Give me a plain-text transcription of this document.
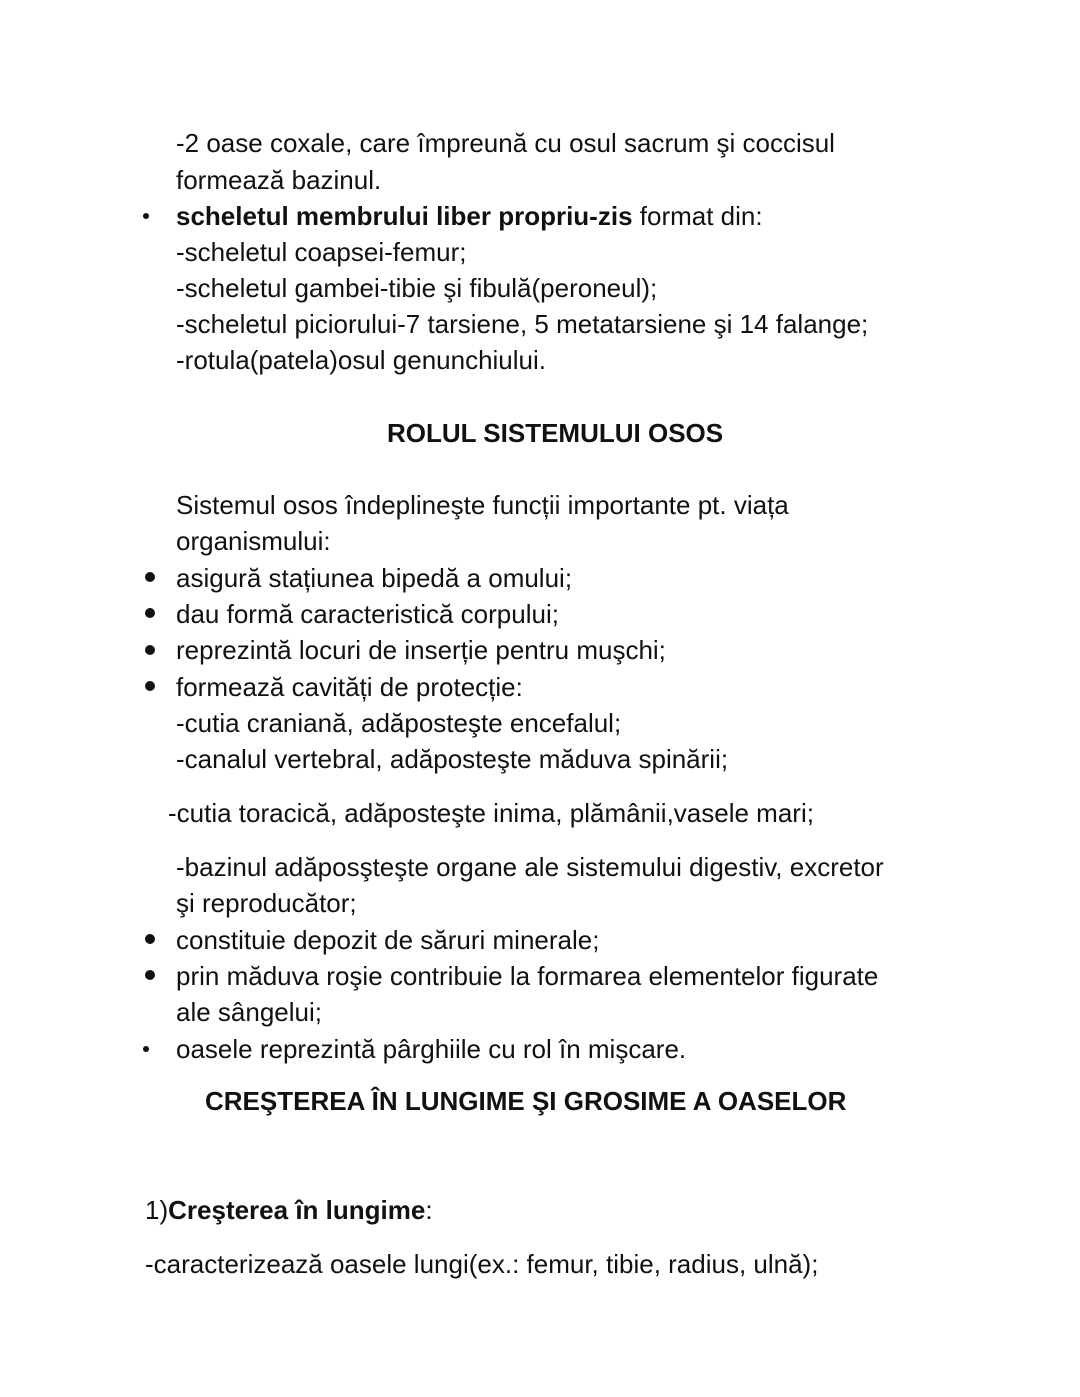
-2 oase coxale, care împreună cu osul sacrum şi coccisul
formează bazinul.
scheletul membrului liber propriu-zis format din:
-scheletul coapsei-femur;
-scheletul gambei-tibie şi fibulă(peroneul);
-scheletul piciorului-7 tarsiene, 5 metatarsiene şi 14 falange;
-rotula(patela)osul genunchiului.
ROLUL SISTEMULUI OSOS
Sistemul osos îndeplineşte funcții importante pt. viața
organismului:
asigură stațiunea bipedă a omului;
dau formă caracteristică corpului;
reprezintă locuri de inserție pentru muşchi;
formează cavități de protecție:
-cutia craniană, adăposteşte encefalul;
-canalul vertebral, adăposteşte măduva spinării;
-cutia toracică, adăposteşte inima, plămânii,vasele mari;
-bazinul adăposşteşte organe ale sistemului digestiv, excretor
şi reproducător;
constituie depozit de săruri minerale;
prin măduva roşie contribuie la formarea elementelor figurate
ale sângelui;
oasele reprezintă pârghiile cu rol în mişcare.
CREŞTEREA ÎN LUNGIME ŞI GROSIME A OASELOR
1)Creşterea în lungime:
-caracterizează oasele lungi(ex.: femur, tibie, radius, ulnă);
